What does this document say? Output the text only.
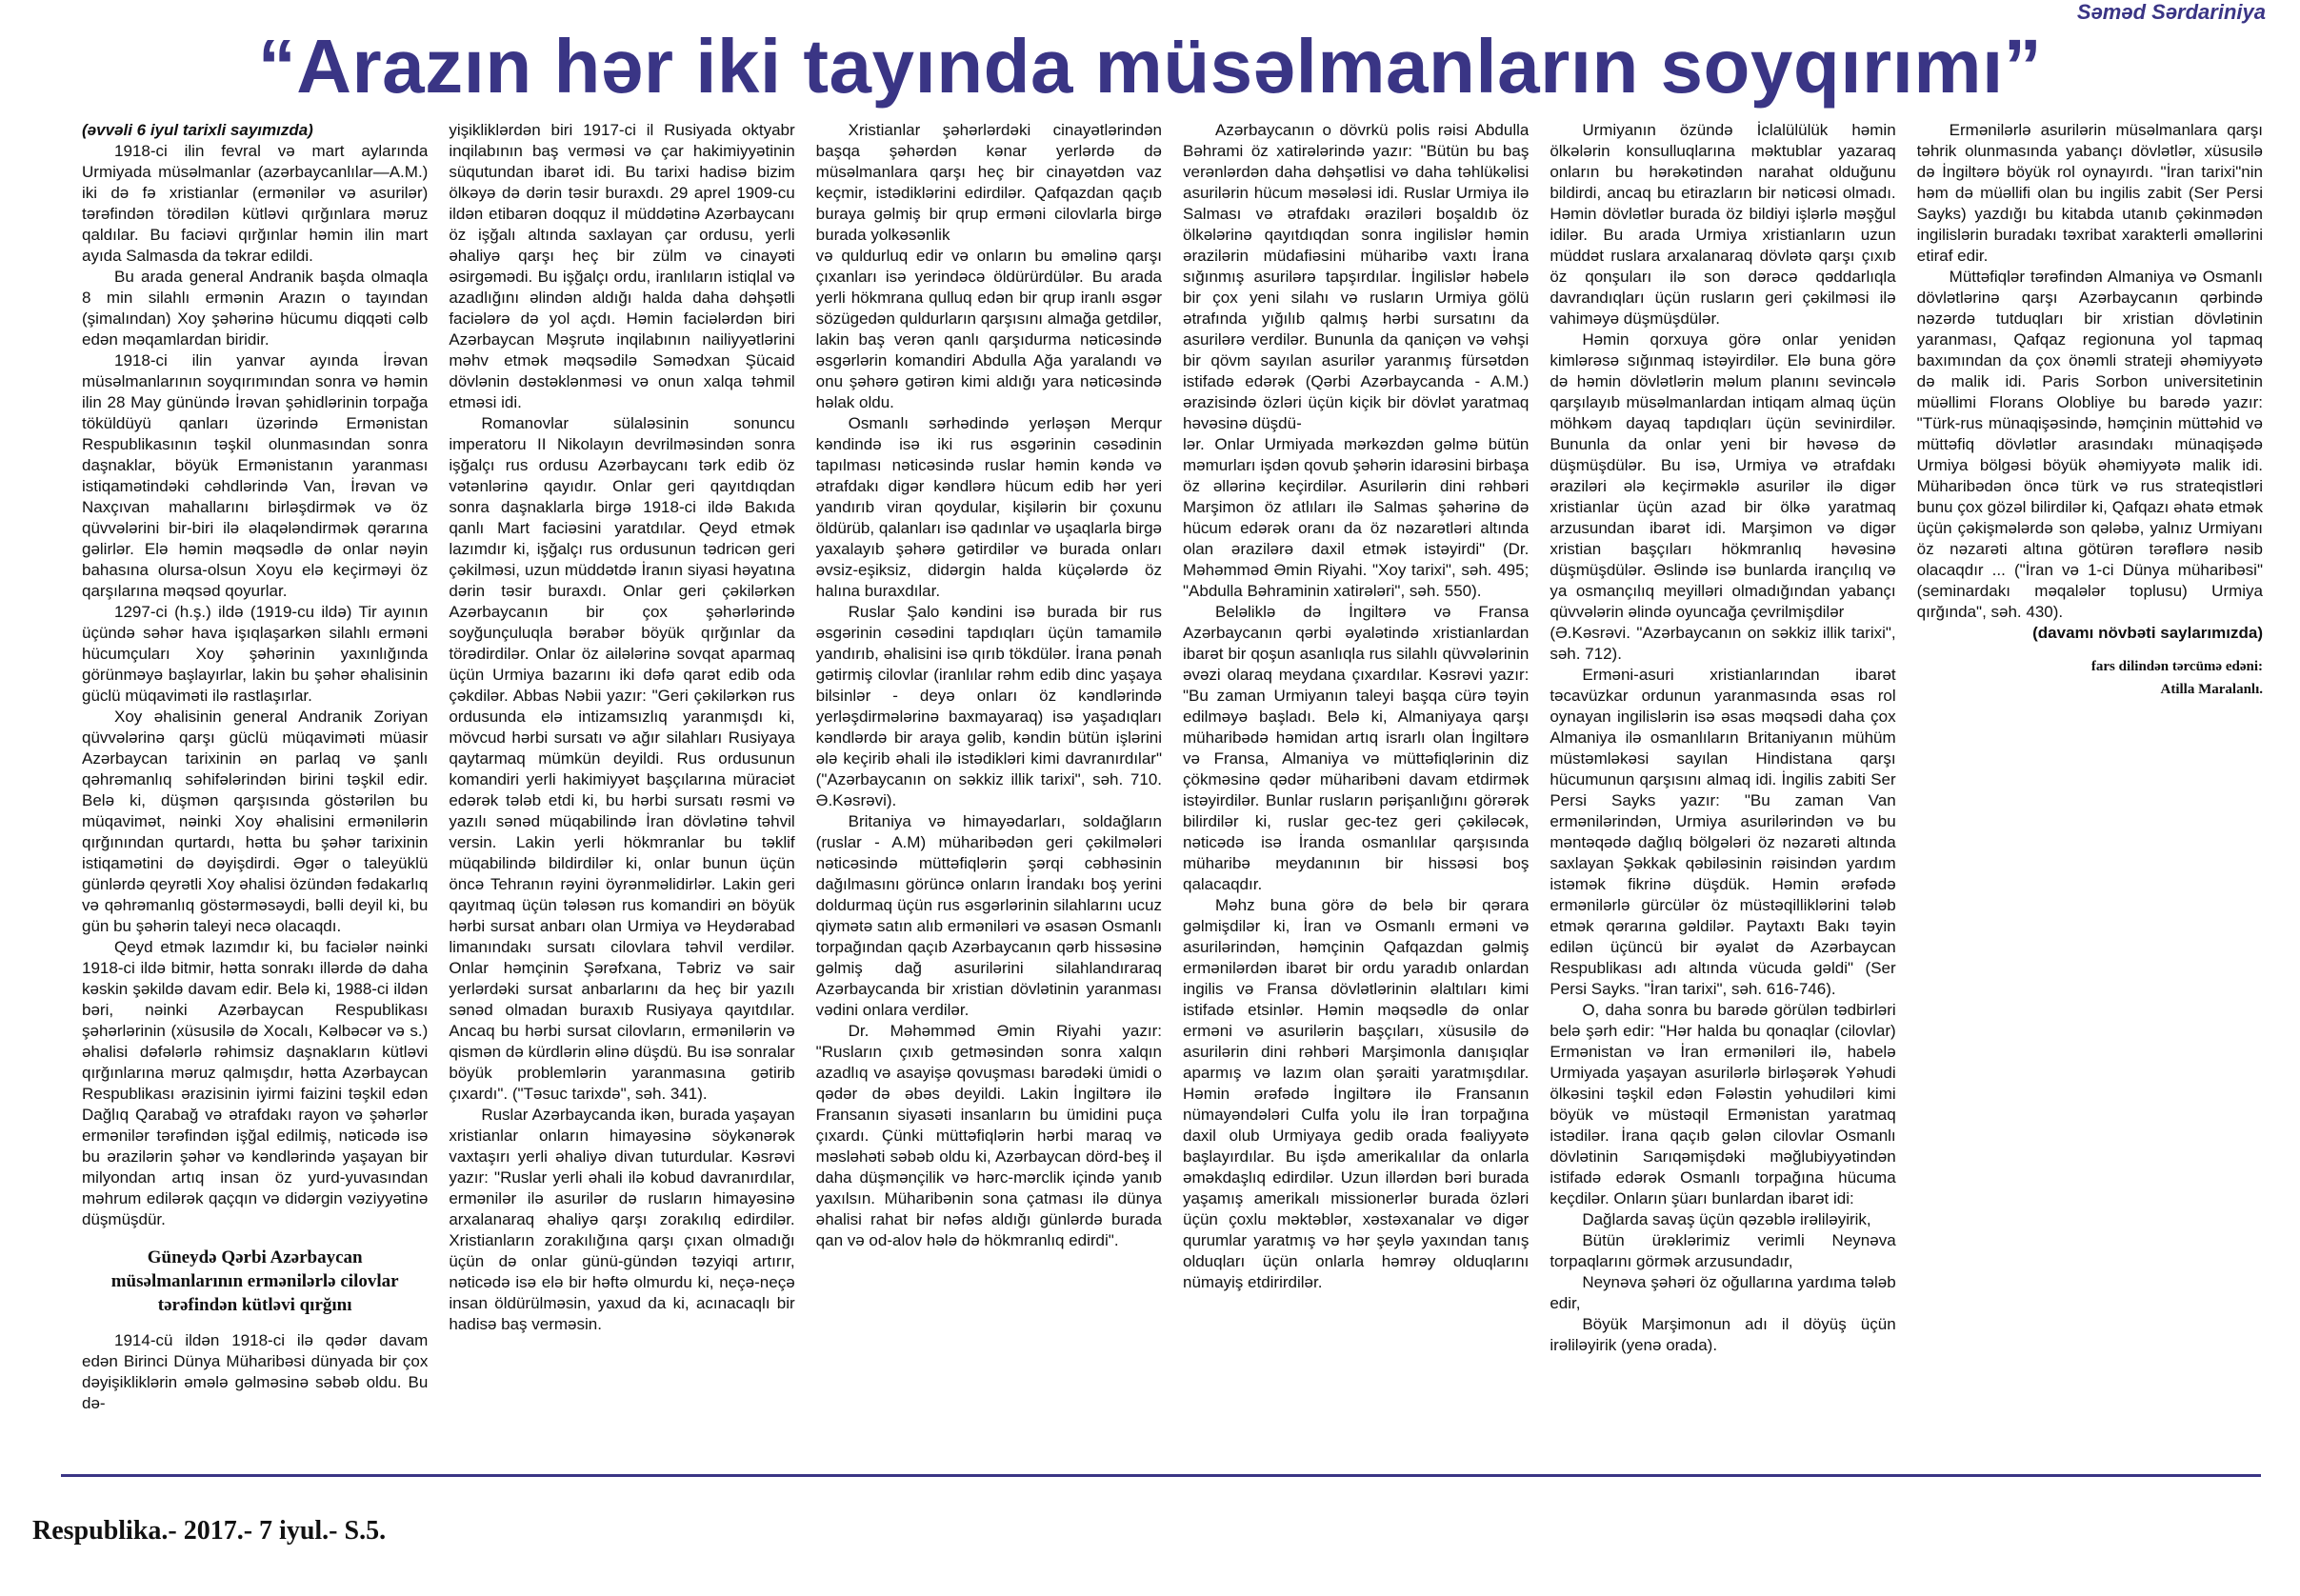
Səməd Sərdariniya
“Arazın hər iki tayında müsəlmanların soyqırımı”

(əvvəli 6 iyul tarixli sayımızda)

1918-ci ilin fevral və mart aylarında Urmiyada müsəlmanlar (azərbaycanlılar—A.M.) iki də fə xristianlar (ermənilər və asurilər) tərəfindən törədilən kütləvi qırğınlara məruz qaldılar. Bu faciəvi qırğınlar həmin ilin mart ayıda Salmasda da təkrar edildi.

Bu arada general Andranik başda olmaqla 8 min silahlı ermənin Arazın o tayından (şimalından) Xoy şəhərinə hücumu diqqəti cəlb edən məqamlardan biridir.

1918-ci ilin yanvar ayında İrəvan müsəlmanlarının soyqırımından sonra və həmin ilin 28 May günündə İrəvan şəhidlərinin torpağa töküldüyü qanları üzərində Ermənistan Respublikasının təşkil olunmasından sonra daşnaklar, böyük Ermənistanın yaranması istiqamətindəki cəhdlərində Van, İrəvan və Naxçıvan mahallarını birləşdirmək və öz qüvvələrini bir-biri ilə əlaqələndirmək qərarına gəlirlər. Elə həmin məqsədlə də onlar nəyin bahasına olursa-olsun Xoyu elə keçirməyi öz qarşılarına məqsəd qoyurlar.

1297-ci (h.ş.) ildə (1919-cu ildə) Tir ayının üçündə səhər hava işıqlaşarkən silahlı erməni hücumçuları Xoy şəhərinin yaxınlığında görünməyə başlayırlar, lakin bu şəhər əhalisinin güclü müqaviməti ilə rastlaşırlar.

Xoy əhalisinin general Andranik Zoriyan qüvvələrinə qarşı güclü müqaviməti müasir Azərbaycan tarixinin ən parlaq və şanlı qəhrəmanlıq səhifələrindən birini təşkil edir. Belə ki, düşmən qarşısında göstərilən bu müqavimət, nəinki Xoy əhalisini ermənilərin qırğınından qurtardı, hətta bu şəhər tarixinin istiqamətini də dəyişdirdi. Əgər o taleyüklü günlərdə qeyrətli Xoy əhalisi özündən fədakarlıq və qəhrəmanlıq göstərməsəydi, bəlli deyil ki, bu gün bu şəhərin taleyi necə olacaqdı.

Qeyd etmək lazımdır ki, bu faciələr nəinki 1918-ci ildə bitmir, hətta sonrakı illərdə də daha kəskin şəkildə davam edir. Belə ki, 1988-ci ildən bəri, nəinki Azərbaycan Respublikası şəhərlərinin (xüsusilə də Xocalı, Kəlbəcər və s.) əhalisi dəfələrlə rəhimsiz daşnakların kütləvi qırğınlarına məruz qalmışdır, hətta Azərbaycan Respublikası ərazisinin iyirmi faizini təşkil edən Dağlıq Qarabağ və ətrafdakı rayon və şəhərlər ermənilər tərəfindən işğal edilmiş, nəticədə isə bu ərazilərin şəhər və kəndlərində yaşayan bir milyondan artıq insan öz yurd-yuvasından məhrum edilərək qaçqın və didərgin vəziyyətinə düşmüşdür.

Güneydə Qərbi Azərbaycan müsəlmanlarının ermənilərlə cilovlar tərəfindən kütləvi qırğını

1914-cü ildən 1918-ci ilə qədər davam edən Birinci Dünya Müharibəsi dünyada bir çox dəyişikliklərin əmələ gəlməsinə səbəb oldu. Bu də-

yişikliklərdən biri 1917-ci il Rusiyada oktyabr inqilabının baş verməsi və çar hakimiyyətinin süqutundan ibarət idi. Bu tarixi hadisə bizim ölkəyə də dərin təsir buraxdı. 29 aprel 1909-cu ildən etibarən doqquz il müddətinə Azərbaycanı öz işğalı altında saxlayan çar ordusu, yerli əhaliyə qarşı heç bir zülm və cinayəti əsirgəmədi. Bu işğalçı ordu, iranlıların istiqlal və azadlığını əlindən aldığı halda daha dəhşətli faciələrə də yol açdı. Həmin faciələrdən biri Azərbaycan Məşrutə inqilabının nailiyyətlərini məhv etmək məqsədilə Səmədxan Şücaid dövlənin dəstəklənməsi və onun xalqa təhmil etməsi idi.

Romanovlar sülaləsinin sonuncu imperatoru II Nikolayın devrilməsindən sonra işğalçı rus ordusu Azərbaycanı tərk edib öz vətənlərinə qayıdır. Onlar geri qayıtdıqdan sonra daşnaklarla birgə 1918-ci ildə Bakıda qanlı Mart faciəsini yaratdılar. Qeyd etmək lazımdır ki, işğalçı rus ordusunun tədricən geri çəkilməsi, uzun müddətdə İranın siyasi həyatına dərin təsir buraxdı. Onlar geri çəkilərkən Azərbaycanın bir çox şəhərlərində soyğunçuluqla bərabər böyük qırğınlar da törədirdilər. Onlar öz ailələrinə sovqat aparmaq üçün Urmiya bazarını iki dəfə qarət edib oda çəkdilər. Abbas Nəbii yazır: "Geri çəkilərkən rus ordusunda elə intizamsızlıq yaranmışdı ki, mövcud hərbi sursatı və ağır silahları Rusiyaya qaytarmaq mümkün deyildi. Rus ordusunun komandiri yerli hakimiyyət başçılarına müraciət edərək tələb etdi ki, bu hərbi sursatı rəsmi və yazılı sənəd müqabilində İran dövlətinə təhvil versin. Lakin yerli hökmranlar bu təklif müqabilində bildirdilər ki, onlar bunun üçün öncə Tehranın rəyini öyrənməlidirlər. Lakin geri qayıtmaq üçün tələsən rus komandiri ən böyük hərbi sursat anbarı olan Urmiya və Heydərabad limanındakı sursatı cilovlara təhvil verdilər. Onlar həmçinin Şərəfxana, Təbriz və sair yerlərdəki sursat anbarlarını da heç bir yazılı sənəd olmadan buraxıb Rusiyaya qayıtdılar. Ancaq bu hərbi sursat cilovların, ermənilərin və qismən də kürdlərin əlinə düşdü. Bu isə sonralar böyük problemlərin yaranmasına gətirib çıxardı". ("Təsuc tarixdə", səh. 341).

Ruslar Azərbaycanda ikən, burada yaşayan xristianlar onların himayəsinə söykənərək vaxtaşırı yerli əhaliyə divan tuturdular. Kəsrəvi yazır: "Ruslar yerli əhali ilə kobud davranırdılar, ermənilər ilə asurilər də rusların himayəsinə arxalanaraq əhaliyə qarşı zorakılıq edirdilər. Xristianların zorakılığına qarşı çıxan olmadığı üçün də onlar günü-gündən təzyiqi artırır, nəticədə isə elə bir həftə olmurdu ki, neçə-neçə insan öldürülməsin, yaxud da ki, acınacaqlı bir hadisə baş verməsin.

Xristianlar şəhərlərdəki cinayətlərindən başqa şəhərdən kənar yerlərdə də müsəlmanlara qarşı heç bir cinayətdən vaz keçmir, istədiklərini edirdilər. Qafqazdan qaçıb buraya gəlmiş bir qrup erməni cilovlarla birgə burada yolkəsənlik

və quldurluq edir və onların bu əməlinə qarşı çıxanları isə yerindəcə öldürürdülər. Bu arada yerli hökmrana qulluq edən bir qrup iranlı əsgər sözügedən quldurların qarşısını almağa getdilər, lakin baş verən qanlı qarşıdurma nəticəsində əsgərlərin komandiri Abdulla Ağa yaralandı və onu şəhərə gətirən kimi aldığı yara nəticəsində həlak oldu.

Osmanlı sərhədində yerləşən Merqur kəndində isə iki rus əsgərinin cəsədinin tapılması nəticəsində ruslar həmin kəndə və ətrafdakı digər kəndlərə hücum edib hər yeri yandırıb viran qoydular, kişilərin bir çoxunu öldürüb, qalanları isə qadınlar və uşaqlarla birgə yaxalayıb şəhərə gətirdilər və burada onları əvsiz-eşiksiz, didərgin halda küçələrdə öz halına buraxdılar.

Ruslar Şalo kəndini isə burada bir rus əsgərinin cəsədini tapdıqları üçün tamamilə yandırıb, əhalisini isə qırıb tökdülər. İrana pənah gətirmiş cilovlar (iranlılar rəhm edib dinc yaşaya bilsinlər - deyə onları öz kəndlərində yerləşdirmələrinə baxmayaraq) isə yaşadıqları kəndlərdə bir araya gəlib, kəndin bütün işlərini ələ keçirib əhali ilə istədikləri kimi davranırdılar" ("Azərbaycanın on səkkiz illik tarixi", səh. 710. Ə.Kəsrəvi).

Britaniya və himayədarları, soldağların (ruslar - A.M) müharibədən geri çəkilmələri nəticəsində müttəfiqlərin şərqi cəbhəsinin dağılmasını görüncə onların İrandakı boş yerini doldurmaq üçün rus əsgərlərinin silahlarını ucuz qiymətə satın alıb erməniləri və əsasən Osmanlı torpağından qaçıb Azərbaycanın qərb hissəsinə gəlmiş dağ asurilərini silahlandıraraq Azərbaycanda bir xristian dövlətinin yaranması vədini onlara verdilər.

Dr. Məhəmməd Əmin Riyahi yazır: "Rusların çıxıb getməsindən sonra xalqın azadlıq və asayişə qovuşması barədəki ümidi o qədər də əbəs deyildi. Lakin İngiltərə ilə Fransanın siyasəti insanların bu ümidini puça çıxardı. Çünki müttəfiqlərin hərbi maraq və məsləhəti səbəb oldu ki, Azərbaycan dörd-beş il daha düşmənçilik və hərc-mərclik içində yanıb yaxılsın. Müharibənin sona çatması ilə dünya əhalisi rahat bir nəfəs aldığı günlərdə burada qan və od-alov hələ də hökmranlıq edirdi".

Azərbaycanın o dövrkü polis rəisi Abdulla Bəhrami öz xatirələrində yazır: "Bütün bu baş verənlərdən daha dəhşətlisi və daha təhlükəlisi asurilərin hücum məsələsi idi. Ruslar Urmiya ilə Salması və ətrafdakı əraziləri boşaldıb öz ölkələrinə qayıtdıqdan sonra ingilislər həmin ərazilərin müdafiəsini müharibə vaxtı İrana sığınmış asurilərə tapşırdılar. İngilislər həbelə bir çox yeni silahı və rusların Urmiya gölü ətrafında yığılıb qalmış hərbi sursatını da asurilərə verdilər. Bununla da qaniçən və vəhşi bir qövm sayılan asurilər yaranmış fürsətdən istifadə edərək (Qərbi Azərbaycanda - A.M.) ərazisində özləri üçün kiçik bir dövlət yaratmaq həvəsinə düşdü-

lər. Onlar Urmiyada mərkəzdən gəlmə bütün məmurları işdən qovub şəhərin idarəsini birbaşa öz əllərinə keçirdilər. Asurilərin dini rəhbəri Marşimon öz atlıları ilə Salmas şəhərinə də hücum edərək oranı da öz nəzarətləri altında olan ərazilərə daxil etmək istəyirdi" (Dr. Məhəmməd Əmin Riyahi. "Xoy tarixi", səh. 495; "Abdulla Bəhraminin xatirələri", səh. 550).

Beləliklə də İngiltərə və Fransa Azərbaycanın qərbi əyalətində xristianlardan ibarət bir qoşun asanlıqla rus silahlı qüvvələrinin əvəzi olaraq meydana çıxardılar. Kəsrəvi yazır: "Bu zaman Urmiyanın taleyi başqa cürə təyin edilməyə başladı. Belə ki, Almaniyaya qarşı müharibədə həmidan artıq israrlı olan İngiltərə və Fransa, Almaniya və müttəfiqlərinin diz çökməsinə qədər müharibəni davam etdirmək istəyirdilər. Bunlar rusların pərişanlığını görərək bilirdilər ki, ruslar gec-tez geri çəkiləcək, nəticədə isə İranda osmanlılar qarşısında müharibə meydanının bir hissəsi boş qalacaqdır.

Məhz buna görə də belə bir qərara gəlmişdilər ki, İran və Osmanlı erməni və asurilərindən, həmçinin Qafqazdan gəlmiş ermənilərdən ibarət bir ordu yaradıb onlardan ingilis və Fransa dövlətlərinin əlaltıları kimi istifadə etsinlər. Həmin məqsədlə də onlar erməni və asurilərin başçıları, xüsusilə də asurilərin dini rəhbəri Marşimonla danışıqlar aparmış və lazım olan şəraiti yaratmışdılar. Həmin ərəfədə İngiltərə ilə Fransanın nümayəndələri Culfa yolu ilə İran torpağına daxil olub Urmiyaya gedib orada fəaliyyətə başlayırdılar. Bu işdə amerikalılar da onlarla əməkdaşlıq edirdilər. Uzun illərdən bəri burada yaşamış amerikalı missionerlər burada özləri üçün çoxlu məktəblər, xəstəxanalar və digər qurumlar yaratmış və hər şeylə yaxından tanış olduqları üçün onlarla həmrəy olduqlarını nümayiş etdirirdilər.

Urmiyanın özündə İclalülülük həmin ölkələrin konsulluqlarına məktublar yazaraq onların bu hərəkətindən narahat olduğunu bildirdi, ancaq bu etirazların bir nəticəsi olmadı. Həmin dövlətlər burada öz bildiyi işlərlə məşğul idilər. Bu arada Urmiya xristianların uzun müddət ruslara arxalanaraq dövlətə qarşı çıxıb öz qonşuları ilə son dərəcə qəddarlıqla davrandıqları üçün rusların geri çəkilməsi ilə vahiməyə düşmüşdülər.

Həmin qorxuya görə onlar yenidən kimlərəsə sığınmaq istəyirdilər. Elə buna görə də həmin dövlətlərin məlum planını sevincələ qarşılayıb müsəlmanlardan intiqam almaq üçün möhkəm dayaq tapdıqları üçün sevinirdilər. Bununla da onlar yeni bir həvəsə də düşmüşdülər. Bu isə, Urmiya və ətrafdakı əraziləri ələ keçirməklə asurilər ilə digər xristianlar üçün azad bir ölkə yaratmaq arzusundan ibarət idi. Marşimon və digər xristian başçıları hökmranlıq həvəsinə düşmüşdülər. Əslində isə bunlarda irançılıq və ya osmançılıq meyilləri olmadığından yabançı qüvvələrin əlində oyuncağa çevrilmişdilər

(Ə.Kəsrəvi. "Azərbaycanın on səkkiz illik tarixi", səh. 712).

Erməni-asuri xristianlarından ibarət təcavüzkar ordunun yaranmasında əsas rol oynayan ingilislərin isə əsas məqsədi daha çox Almaniya ilə osmanlıların Britaniyanın mühüm müstəmləkəsi sayılan Hindistana qarşı hücumunun qarşısını almaq idi. İngilis zabiti Ser Persi Sayks yazır: "Bu zaman Van ermənilərindən, Urmiya asurilərindən və bu məntəqədə dağlıq bölgələri öz nəzarəti altında saxlayan Şəkkak qəbiləsinin rəisindən yardım istəmək fikrinə düşdük. Həmin ərəfədə ermənilərlə gürcülər öz müstəqilliklərini tələb etmək qərarına gəldilər. Paytaxtı Bakı təyin edilən üçüncü bir əyalət də Azərbaycan Respublikası adı altında vücuda gəldi" (Ser Persi Sayks. "İran tarixi", səh. 616-746).

O, daha sonra bu barədə görülən tədbirləri belə şərh edir: "Hər halda bu qonaqlar (cilovlar) Ermənistan və İran erməniləri ilə, habelə Urmiyada yaşayan asurilərlə birləşərək Yəhudi ölkəsini təşkil edən Fələstin yəhudiləri kimi böyük və müstəqil Ermənistan yaratmaq istədilər. İrana qaçıb gələn cilovlar Osmanlı dövlətinin Sarıqəmişdəki məğlubiyyətindən istifadə edərək Osmanlı torpağına hücuma keçdilər. Onların şüarı bunlardan ibarət idi:

Dağlarda savaş üçün qəzəblə irəliləyirik,

Bütün ürəklərimiz verimli Neynəva torpaqlarını görmək arzusundadır,

Neynəva şəhəri öz oğullarına yardıma tələb edir,

Böyük Marşimonun adı il döyüş üçün irəliləyirik (yenə orada).

Ermənilərlə asurilərin müsəlmanlara qarşı təhrik olunmasında yabançı dövlətlər, xüsusilə də İngiltərə böyük rol oynayırdı. "İran tarixi"nin həm də müəllifi olan bu ingilis zabit (Ser Persi Sayks) yazdığı bu kitabda utanıb çəkinmədən ingilislərin buradakı təxribat xarakterli əməllərini etiraf edir.

Müttəfiqlər tərəfindən Almaniya və Osmanlı dövlətlərinə qarşı Azərbaycanın qərbində nəzərdə tutduqları bir xristian dövlətinin yaranması, Qafqaz regionuna yol tapmaq baxımından da çox önəmli strateji əhəmiyyətə də malik idi. Paris Sorbon universitetinin müəllimi Florans Olobliye bu barədə yazır: "Türk-rus münaqişəsində, həmçinin müttəhid və müttəfiq dövlətlər arasındakı münaqişədə Urmiya bölgəsi böyük əhəmiyyətə malik idi. Müharibədən öncə türk və rus strateqistləri bunu çox gözəl bilirdilər ki, Qafqazı əhatə etmək üçün çəkişmələrdə son qələbə, yalnız Urmiyanı öz nəzarəti altına götürən tərəflərə nəsib olacaqdır ... ("İran və 1-ci Dünya müharibəsi" (seminardakı məqalələr toplusu) Urmiya qırğında", səh. 430).

(davamı növbəti saylarımızda)

fars dilindən tərcümə edəni:

Atilla Maralanlı.

Respublika.- 2017.- 7 iyul.- S.5.
